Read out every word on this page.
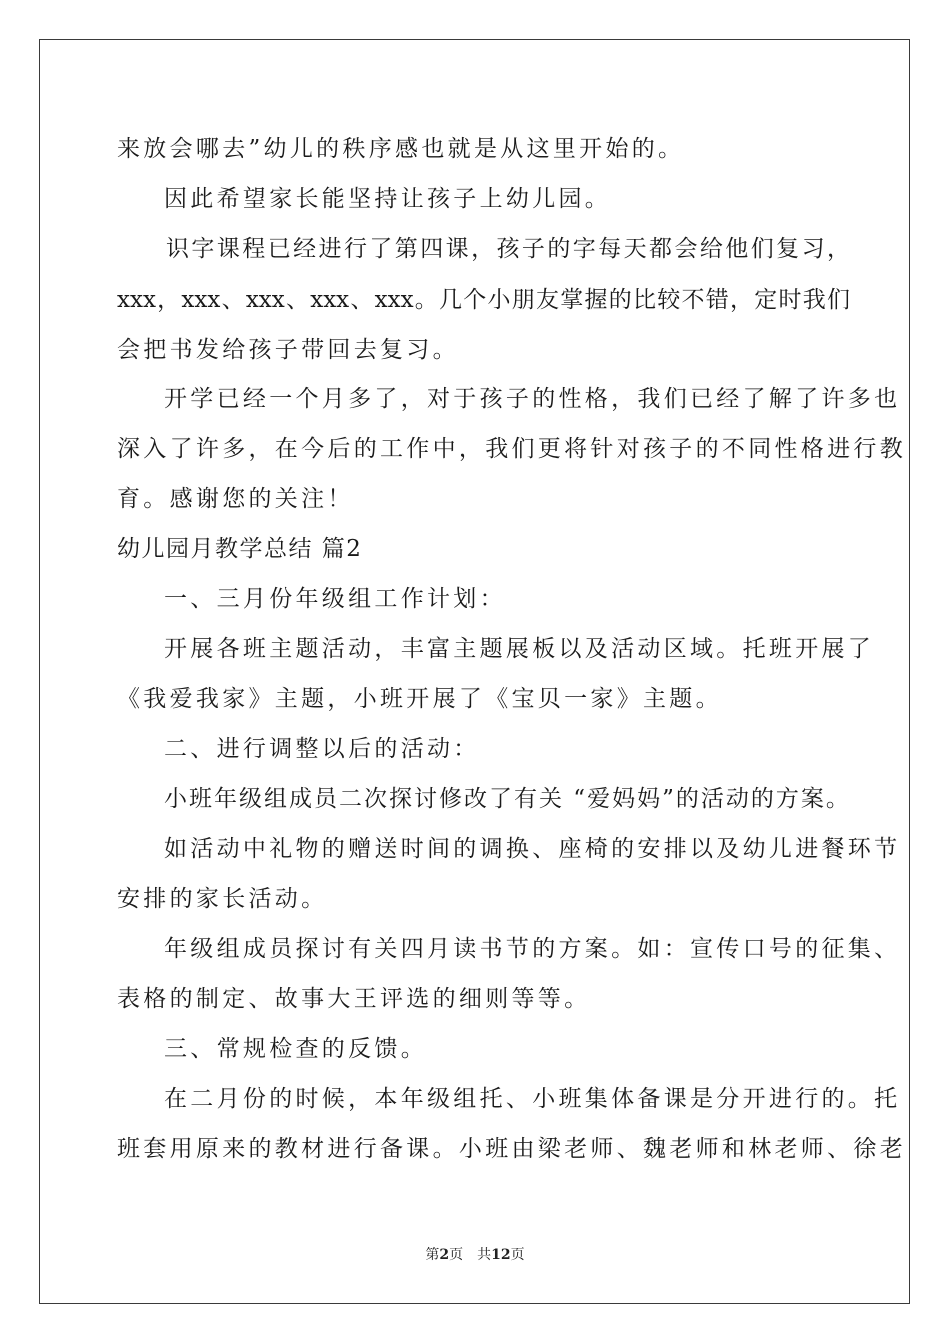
来放会哪去”幼儿的秩序感也就是从这里开始的。
因此希望家长能坚持让孩子上幼儿园。
识字课程已经进行了第四课，孩子的字每天都会给他们复习，
xxx，xxx、xxx、xxx、xxx。几个小朋友掌握的比较不错，定时我们
会把书发给孩子带回去复习。
开学已经一个月多了，对于孩子的性格，我们已经了解了许多也
深入了许多，在今后的工作中，我们更将针对孩子的不同性格进行教
育。感谢您的关注！
幼儿园月教学总结 篇2
一、三月份年级组工作计划：
开展各班主题活动，丰富主题展板以及活动区域。托班开展了
《我爱我家》主题，小班开展了《宝贝一家》主题。
二、进行调整以后的活动：
小班年级组成员二次探讨修改了有关 “爱妈妈”的活动的方案。
如活动中礼物的赠送时间的调换、座椅的安排以及幼儿进餐环节
安排的家长活动。
年级组成员探讨有关四月读书节的方案。如：宣传口号的征集、
表格的制定、故事大王评选的细则等等。
三、常规检查的反馈。
在二月份的时候，本年级组托、小班集体备课是分开进行的。托
班套用原来的教材进行备课。小班由梁老师、魏老师和林老师、徐老
第2页 共12页
